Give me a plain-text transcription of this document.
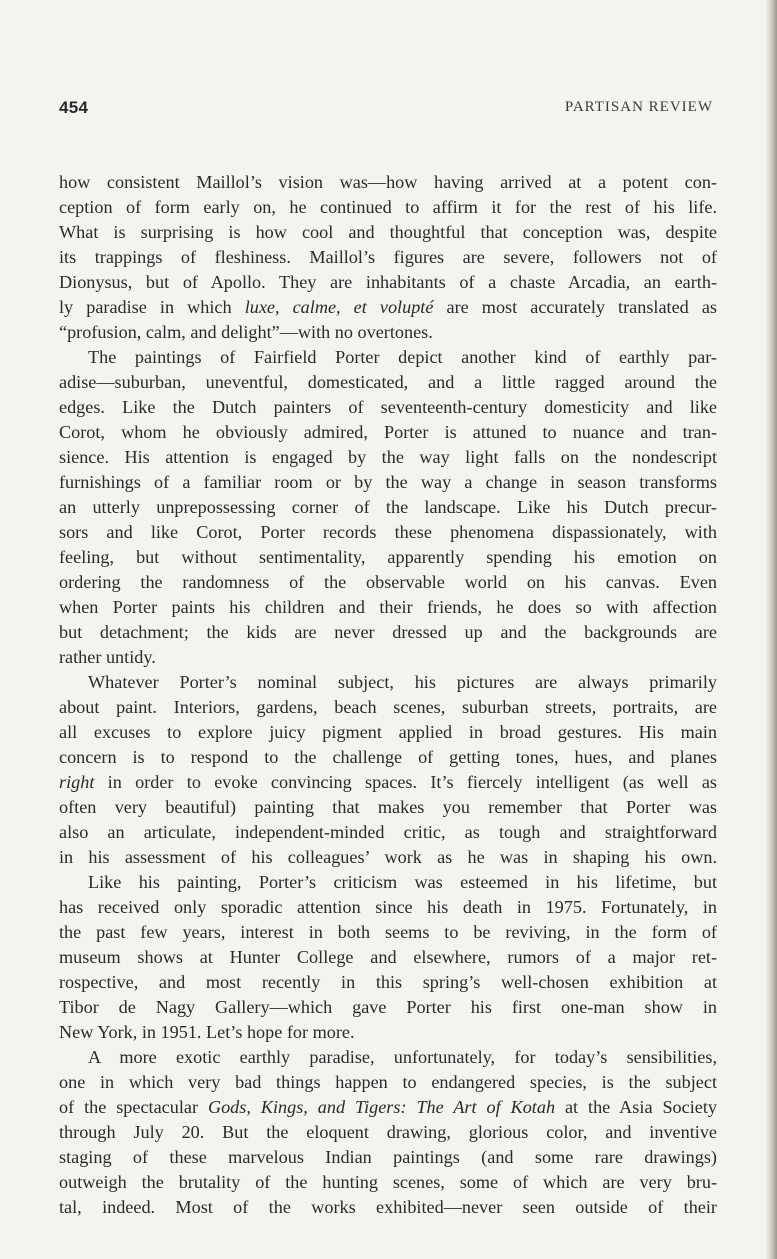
454	PARTISAN REVIEW
how consistent Maillol’s vision was—how having arrived at a potent con-
ception of form early on, he continued to affirm it for the rest of his life.
What is surprising is how cool and thoughtful that conception was, despite
its trappings of fleshiness. Maillol’s figures are severe, followers not of
Dionysus, but of Apollo. They are inhabitants of a chaste Arcadia, an earth-
ly paradise in which luxe, calme, et volupté are most accurately translated as
“profusion, calm, and delight”—with no overtones.
The paintings of Fairfield Porter depict another kind of earthly par-
adise—suburban, uneventful, domesticated, and a little ragged around the
edges. Like the Dutch painters of seventeenth-century domesticity and like
Corot, whom he obviously admired, Porter is attuned to nuance and tran-
sience. His attention is engaged by the way light falls on the nondescript
furnishings of a familiar room or by the way a change in season transforms
an utterly unprepossessing corner of the landscape. Like his Dutch precur-
sors and like Corot, Porter records these phenomena dispassionately, with
feeling, but without sentimentality, apparently spending his emotion on
ordering the randomness of the observable world on his canvas. Even
when Porter paints his children and their friends, he does so with affection
but detachment; the kids are never dressed up and the backgrounds are
rather untidy.
Whatever Porter’s nominal subject, his pictures are always primarily
about paint. Interiors, gardens, beach scenes, suburban streets, portraits, are
all excuses to explore juicy pigment applied in broad gestures. His main
concern is to respond to the challenge of getting tones, hues, and planes
right in order to evoke convincing spaces. It’s fiercely intelligent (as well as
often very beautiful) painting that makes you remember that Porter was
also an articulate, independent-minded critic, as tough and straightforward
in his assessment of his colleagues’ work as he was in shaping his own.
Like his painting, Porter’s criticism was esteemed in his lifetime, but
has received only sporadic attention since his death in 1975. Fortunately, in
the past few years, interest in both seems to be reviving, in the form of
museum shows at Hunter College and elsewhere, rumors of a major ret-
rospective, and most recently in this spring’s well-chosen exhibition at
Tibor de Nagy Gallery—which gave Porter his first one-man show in
New York, in 1951. Let’s hope for more.
A more exotic earthly paradise, unfortunately, for today’s sensibilities,
one in which very bad things happen to endangered species, is the subject
of the spectacular Gods, Kings, and Tigers: The Art of Kotah at the Asia Society
through July 20. But the eloquent drawing, glorious color, and inventive
staging of these marvelous Indian paintings (and some rare drawings)
outweigh the brutality of the hunting scenes, some of which are very bru-
tal, indeed. Most of the works exhibited—never seen outside of their
